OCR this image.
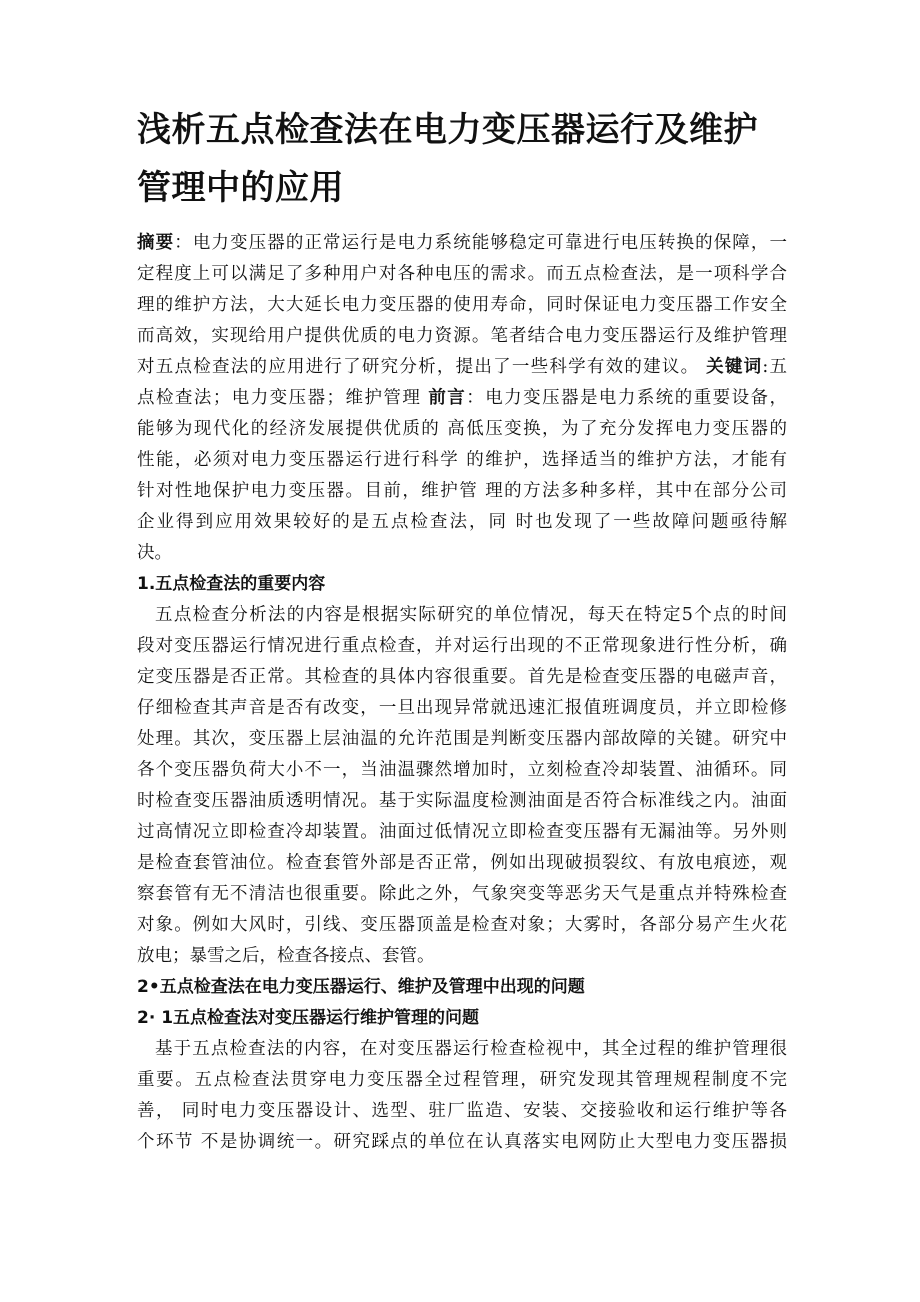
浅析五点检查法在电力变压器运行及维护
管理中的应用
摘要：电力变压器的正常运行是电力系统能够稳定可靠进行电压转换的保障，一
定程度上可以满足了多种用户对各种电压的需求。而五点检查法，是一项科学合
理的维护方法，大大延长电力变压器的使用寿命，同时保证电力变压器工作安全
而高效，实现给用户提供优质的电力资源。笔者结合电力变压器运行及维护管理
对五点检查法的应用进行了研究分析，提出了一些科学有效的建议。 关键词:五
点检查法；电力变压器；维护管理 前言：电力变压器是电力系统的重要设备，
能够为现代化的经济发展提供优质的 高低压变换，为了充分发挥电力变压器的
性能，必须对电力变压器运行进行科学 的维护，选择适当的维护方法，才能有
针对性地保护电力变压器。目前，维护管 理的方法多种多样，其中在部分公司
企业得到应用效果较好的是五点检查法，同 时也发现了一些故障问题亟待解
决。
1.五点检查法的重要内容
五点检查分析法的内容是根据实际研究的单位情况，每天在特定5个点的时间
段对变压器运行情况进行重点检查，并对运行出现的不正常现象进行性分析，确
定变压器是否正常。其检查的具体内容很重要。首先是检查变压器的电磁声音，
仔细检查其声音是否有改变，一旦出现异常就迅速汇报值班调度员，并立即检修
处理。其次，变压器上层油温的允许范围是判断变压器内部故障的关键。研究中
各个变压器负荷大小不一，当油温骤然增加时，立刻检查冷却装置、油循环。同
时检查变压器油质透明情况。基于实际温度检测油面是否符合标准线之内。油面
过高情况立即检查冷却装置。油面过低情况立即检查变压器有无漏油等。另外则
是检查套管油位。检查套管外部是否正常，例如出现破损裂纹、有放电痕迹，观
察套管有无不清洁也很重要。除此之外，气象突变等恶劣天气是重点并特殊检查
对象。例如大风时，引线、变压器顶盖是检查对象；大雾时，各部分易产生火花
放电；暴雪之后，检查各接点、套管。
2•五点检查法在电力变压器运行、维护及管理中出现的问题
2· 1五点检查法对变压器运行维护管理的问题
基于五点检查法的内容，在对变压器运行检查检视中，其全过程的维护管理很
重要。五点检查法贯穿电力变压器全过程管理，研究发现其管理规程制度不完
善， 同时电力变压器设计、选型、驻厂监造、安装、交接验收和运行维护等各
个环节 不是协调统一。研究踩点的单位在认真落实电网防止大型电力变压器损
